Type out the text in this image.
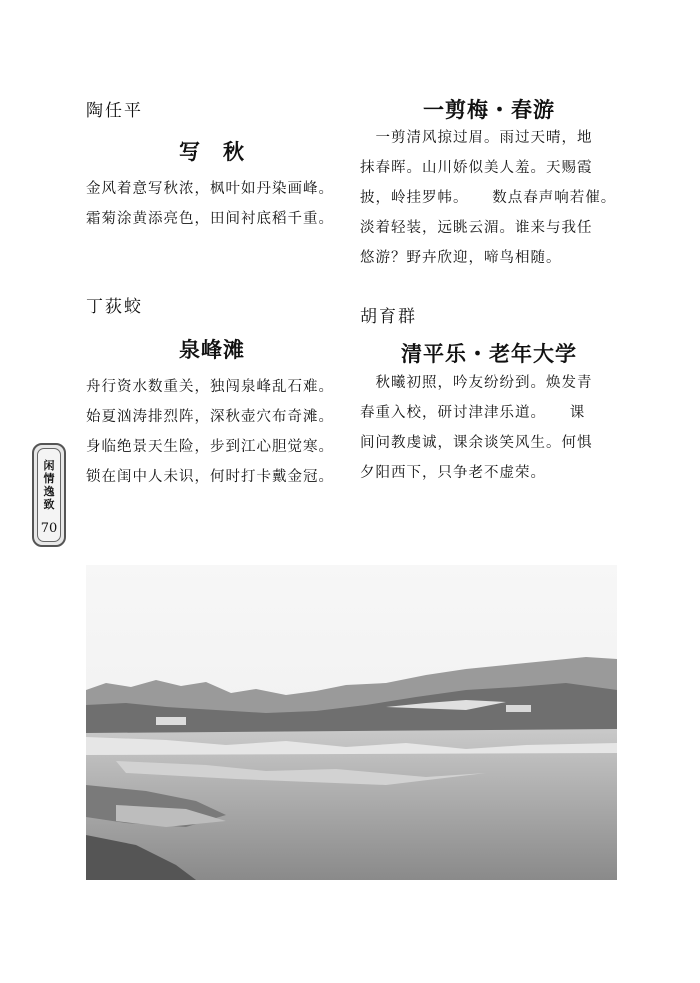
陶任平
写　秋
金风着意写秋浓，枫叶如丹染画峰。
霜菊涂黄添亮色，田间衬底稻千重。
丁荻蛟
泉峰滩
舟行资水数重关，独闯泉峰乱石难。
始夏汹涛排烈阵，深秋壶穴布奇滩。
身临绝景天生险，步到江心胆觉寒。
锁在闺中人未识，何时打卡戴金冠。
一剪梅・春游
　一剪清风掠过眉。雨过天晴，地
抹春晖。山川娇似美人羞。天赐霞
披，岭挂罗帏。　　数点春声响若催。
淡着轻装，远眺云湄。谁来与我任
悠游？野卉欣迎，啼鸟相随。
胡育群
清平乐・老年大学
　秋曦初照，吟友纷纷到。焕发青
春重入校，研讨津津乐道。　　课
间问教虔诚，课余谈笑风生。何惧
夕阳西下，只争老不虚荣。
闲情逸致
70
